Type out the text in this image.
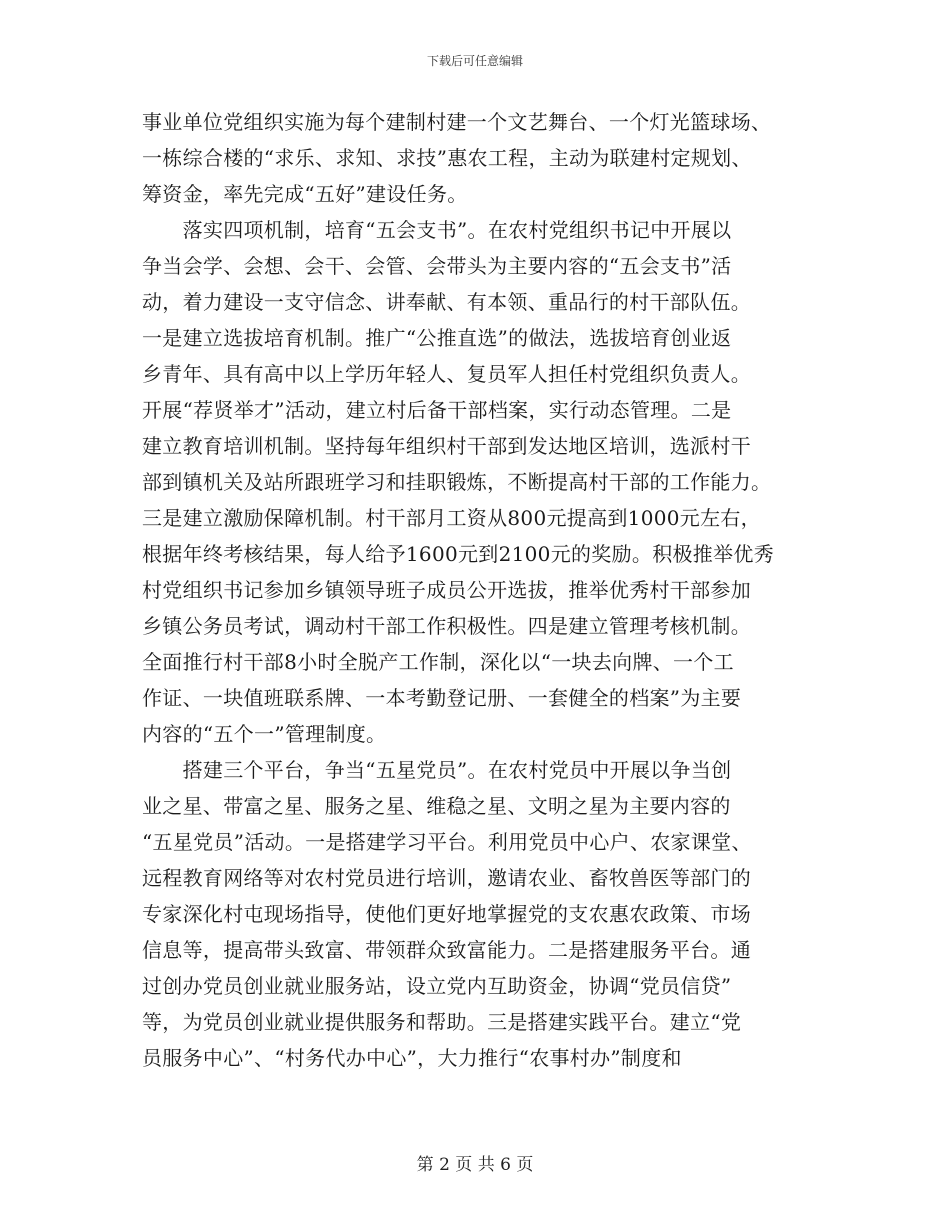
下载后可任意编辑
事业单位党组织实施为每个建制村建一个文艺舞台、一个灯光篮球场、
一栋综合楼的“求乐、求知、求技”惠农工程，主动为联建村定规划、
筹资金，率先完成“五好”建设任务。
　　落实四项机制，培育“五会支书”。在农村党组织书记中开展以
争当会学、会想、会干、会管、会带头为主要内容的“五会支书”活
动，着力建设一支守信念、讲奉献、有本领、重品行的村干部队伍。
一是建立选拔培育机制。推广“公推直选”的做法，选拔培育创业返
乡青年、具有高中以上学历年轻人、复员军人担任村党组织负责人。
开展“荐贤举才”活动，建立村后备干部档案，实行动态管理。二是
建立教育培训机制。坚持每年组织村干部到发达地区培训，选派村干
部到镇机关及站所跟班学习和挂职锻炼，不断提高村干部的工作能力。
三是建立激励保障机制。村干部月工资从800元提高到1000元左右，
根据年终考核结果，每人给予1600元到2100元的奖励。积极推举优秀
村党组织书记参加乡镇领导班子成员公开选拔，推举优秀村干部参加
乡镇公务员考试，调动村干部工作积极性。四是建立管理考核机制。
全面推行村干部8小时全脱产工作制，深化以“一块去向牌、一个工
作证、一块值班联系牌、一本考勤登记册、一套健全的档案”为主要
内容的“五个一”管理制度。
　　搭建三个平台，争当“五星党员”。在农村党员中开展以争当创
业之星、带富之星、服务之星、维稳之星、文明之星为主要内容的
“五星党员”活动。一是搭建学习平台。利用党员中心户、农家课堂、
远程教育网络等对农村党员进行培训，邀请农业、畜牧兽医等部门的
专家深化村屯现场指导，使他们更好地掌握党的支农惠农政策、市场
信息等，提高带头致富、带领群众致富能力。二是搭建服务平台。通
过创办党员创业就业服务站，设立党内互助资金，协调“党员信贷”
等，为党员创业就业提供服务和帮助。三是搭建实践平台。建立“党
员服务中心”、“村务代办中心”，大力推行“农事村办”制度和
第 2 页 共 6 页
